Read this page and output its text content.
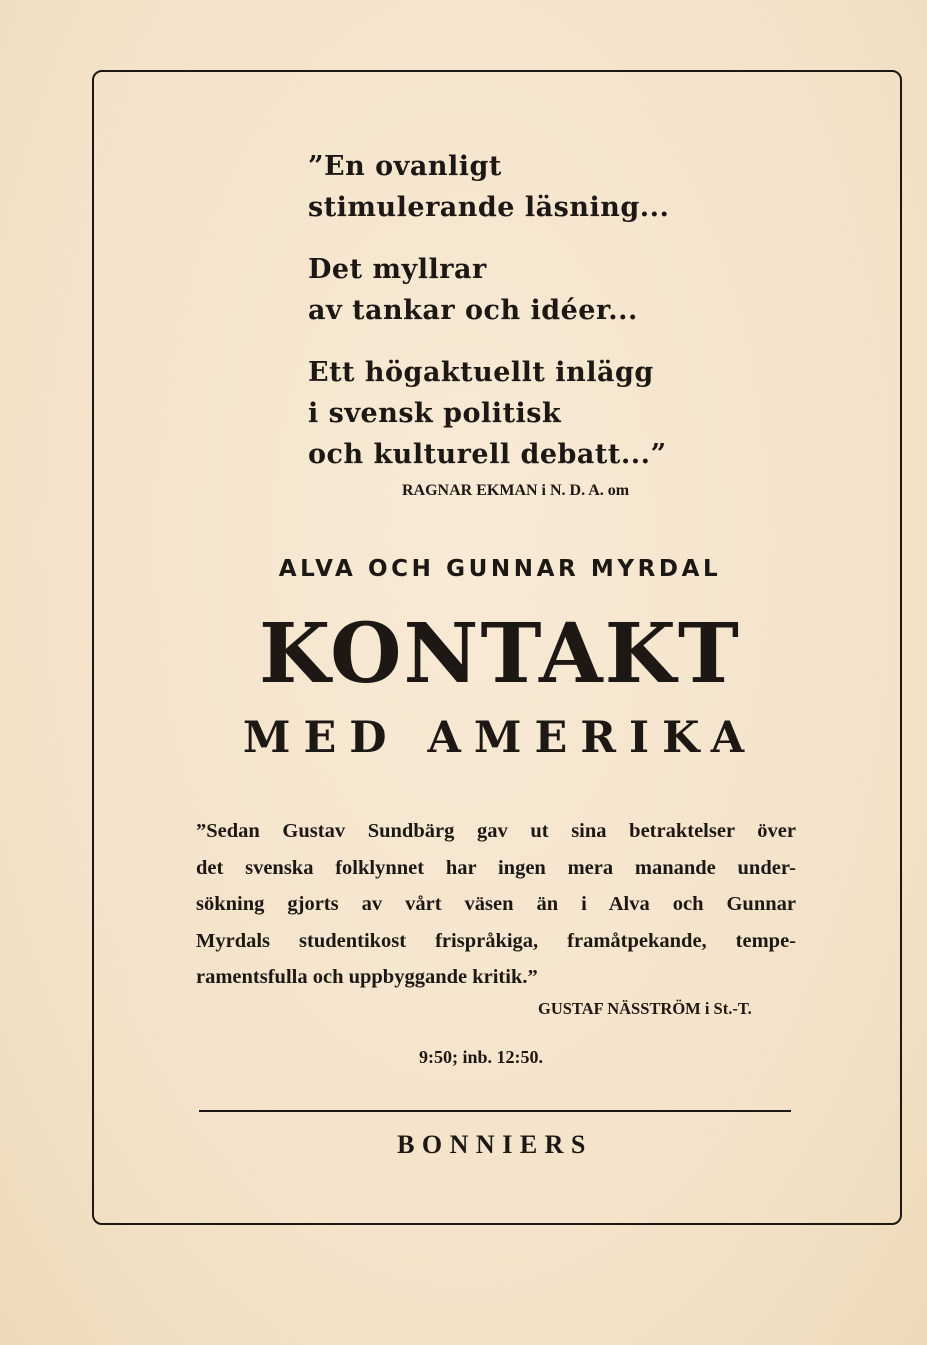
”En ovanligt
stimulerande läsning...
Det myllrar
av tankar och idéer...
Ett högaktuellt inlägg
i svensk politisk
och kulturell debatt...”
RAGNAR EKMAN i N. D. A. om
ALVA OCH GUNNAR MYRDAL
KONTAKT
MED AMERIKA
”Sedan Gustav Sundbärg gav ut sina betraktelser över
det svenska folklynnet har ingen mera manande under-
sökning gjorts av vårt väsen än i Alva och Gunnar
Myrdals studentikost frispråkiga, framåtpekande, tempe-
ramentsfulla och uppbyggande kritik.”
GUSTAF NÄSSTRÖM i St.-T.
9:50; inb. 12:50.
BONNIERS
